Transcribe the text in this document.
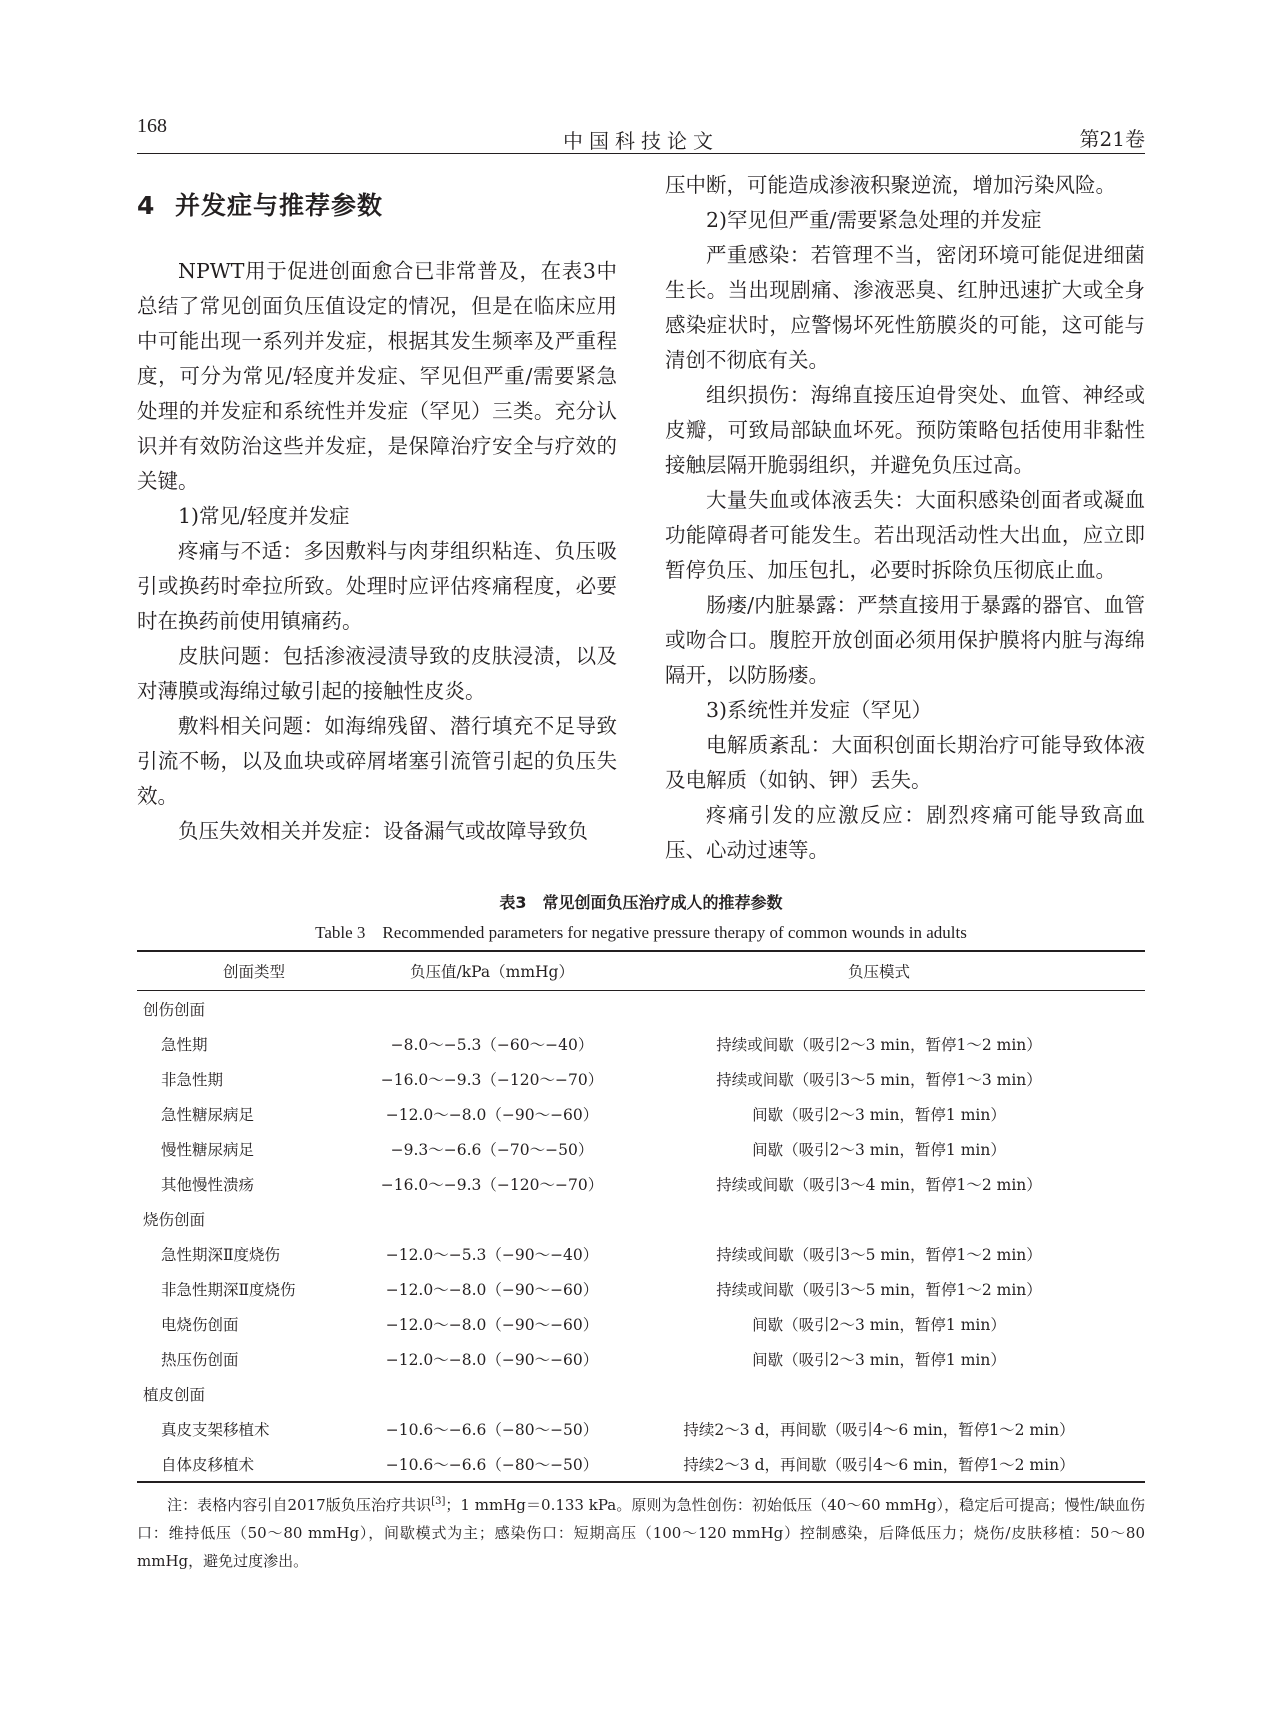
168
中国科技论文	第21卷
4 并发症与推荐参数

NPWT用于促进创面愈合已非常普及，在表3中总结了常见创面负压值设定的情况，但是在临床应用中可能出现一系列并发症，根据其发生频率及严重程度，可分为常见/轻度并发症、罕见但严重/需要紧急处理的并发症和系统性并发症（罕见）三类。充分认识并有效防治这些并发症，是保障治疗安全与疗效的关键。

1)常见/轻度并发症

疼痛与不适：多因敷料与肉芽组织粘连、负压吸引或换药时牵拉所致。处理时应评估疼痛程度，必要时在换药前使用镇痛药。

皮肤问题：包括渗液浸渍导致的皮肤浸渍，以及对薄膜或海绵过敏引起的接触性皮炎。

敷料相关问题：如海绵残留、潜行填充不足导致引流不畅，以及血块或碎屑堵塞引流管引起的负压失效。

负压失效相关并发症：设备漏气或故障导致负

压中断，可能造成渗液积聚逆流，增加污染风险。

2)罕见但严重/需要紧急处理的并发症

严重感染：若管理不当，密闭环境可能促进细菌生长。当出现剧痛、渗液恶臭、红肿迅速扩大或全身感染症状时，应警惕坏死性筋膜炎的可能，这可能与清创不彻底有关。

组织损伤：海绵直接压迫骨突处、血管、神经或皮瓣，可致局部缺血坏死。预防策略包括使用非黏性接触层隔开脆弱组织，并避免负压过高。

大量失血或体液丢失：大面积感染创面者或凝血功能障碍者可能发生。若出现活动性大出血，应立即暂停负压、加压包扎，必要时拆除负压彻底止血。

肠瘘/内脏暴露：严禁直接用于暴露的器官、血管或吻合口。腹腔开放创面必须用保护膜将内脏与海绵隔开，以防肠瘘。

3)系统性并发症（罕见）

电解质紊乱：大面积创面长期治疗可能导致体液及电解质（如钠、钾）丢失。

疼痛引发的应激反应：剧烈疼痛可能导致高血压、心动过速等。

表3　常见创面负压治疗成人的推荐参数
Table 3　Recommended parameters for negative pressure therapy of common wounds in adults
创面类型	负压值/kPa（mmHg）	负压模式
创伤创面		
急性期	−8.0～−5.3（−60～−40）	持续或间歇（吸引2～3 min，暂停1～2 min）
非急性期	−16.0～−9.3（−120～−70）	持续或间歇（吸引3～5 min，暂停1～3 min）
急性糖尿病足	−12.0～−8.0（−90～−60）	间歇（吸引2～3 min，暂停1 min）
慢性糖尿病足	−9.3～−6.6（−70～−50）	间歇（吸引2～3 min，暂停1 min）
其他慢性溃疡	−16.0～−9.3（−120～−70）	持续或间歇（吸引3～4 min，暂停1～2 min）
烧伤创面		
急性期深Ⅱ度烧伤	−12.0～−5.3（−90～−40）	持续或间歇（吸引3～5 min，暂停1～2 min）
非急性期深Ⅱ度烧伤	−12.0～−8.0（−90～−60）	持续或间歇（吸引3～5 min，暂停1～2 min）
电烧伤创面	−12.0～−8.0（−90～−60）	间歇（吸引2～3 min，暂停1 min）
热压伤创面	−12.0～−8.0（−90～−60）	间歇（吸引2～3 min，暂停1 min）
植皮创面		
真皮支架移植术	−10.6～−6.6（−80～−50）	持续2～3 d，再间歇（吸引4～6 min，暂停1～2 min）
自体皮移植术	−10.6～−6.6（−80～−50）	持续2～3 d，再间歇（吸引4～6 min，暂停1～2 min）
注：表格内容引自2017版负压治疗共识[3]；1 mmHg＝0.133 kPa。原则为急性创伤：初始低压（40～60 mmHg），稳定后可提高；慢性/缺血伤口：维持低压（50～80 mmHg），间歇模式为主；感染伤口：短期高压（100～120 mmHg）控制感染，后降低压力；烧伤/皮肤移植：50～80 mmHg，避免过度渗出。
